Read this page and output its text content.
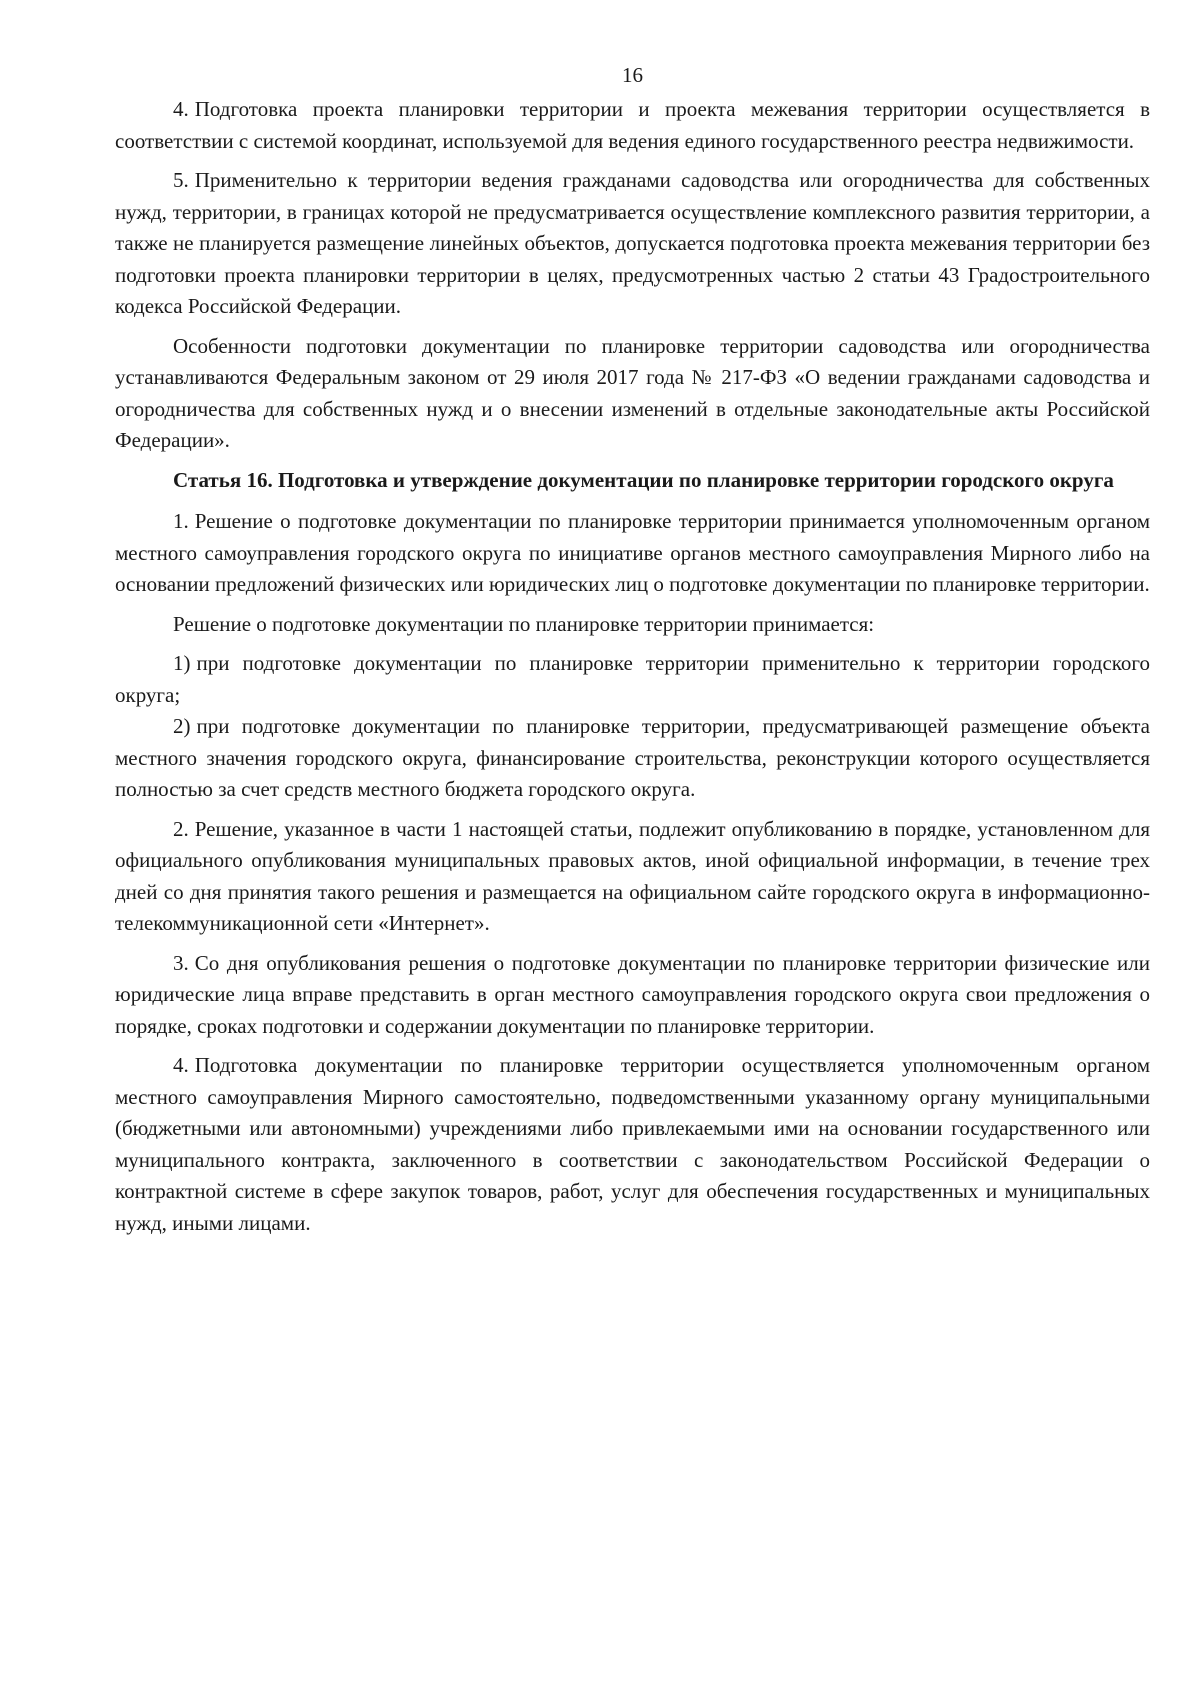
16

4. Подготовка проекта планировки территории и проекта межевания территории осуществляется в соответствии с системой координат, используемой для ведения единого государственного реестра недвижимости.

5. Применительно к территории ведения гражданами садоводства или огородничества для собственных нужд, территории, в границах которой не предусматривается осуществление комплексного развития территории, а также не планируется размещение линейных объектов, допускается подготовка проекта межевания территории без подготовки проекта планировки территории в целях, предусмотренных частью 2 статьи 43 Градостроительного кодекса Российской Федерации.

Особенности подготовки документации по планировке территории садоводства или огородничества устанавливаются Федеральным законом от 29 июля 2017 года № 217-ФЗ «О ведении гражданами садоводства и огородничества для собственных нужд и о внесении изменений в отдельные законодательные акты Российской Федерации».

Статья 16. Подготовка и утверждение документации по планировке территории городского округа

1. Решение о подготовке документации по планировке территории принимается уполномоченным органом местного самоуправления городского округа по инициативе органов местного самоуправления Мирного либо на основании предложений физических или юридических лиц о подготовке документации по планировке территории.

Решение о подготовке документации по планировке территории принимается:

1) при подготовке документации по планировке территории применительно к территории городского округа;

2) при подготовке документации по планировке территории, предусматривающей размещение объекта местного значения городского округа, финансирование строительства, реконструкции которого осуществляется полностью за счет средств местного бюджета городского округа.

2. Решение, указанное в части 1 настоящей статьи, подлежит опубликованию в порядке, установленном для официального опубликования муниципальных правовых актов, иной официальной информации, в течение трех дней со дня принятия такого решения и размещается на официальном сайте городского округа в информационно-телекоммуникационной сети «Интернет».

3. Со дня опубликования решения о подготовке документации по планировке территории физические или юридические лица вправе представить в орган местного самоуправления городского округа свои предложения о порядке, сроках подготовки и содержании документации по планировке территории.

4. Подготовка документации по планировке территории осуществляется уполномоченным органом местного самоуправления Мирного самостоятельно, подведомственными указанному органу муниципальными (бюджетными или автономными) учреждениями либо привлекаемыми ими на основании государственного или муниципального контракта, заключенного в соответствии с законодательством Российской Федерации о контрактной системе в сфере закупок товаров, работ, услуг для обеспечения государственных и муниципальных нужд, иными лицами.
